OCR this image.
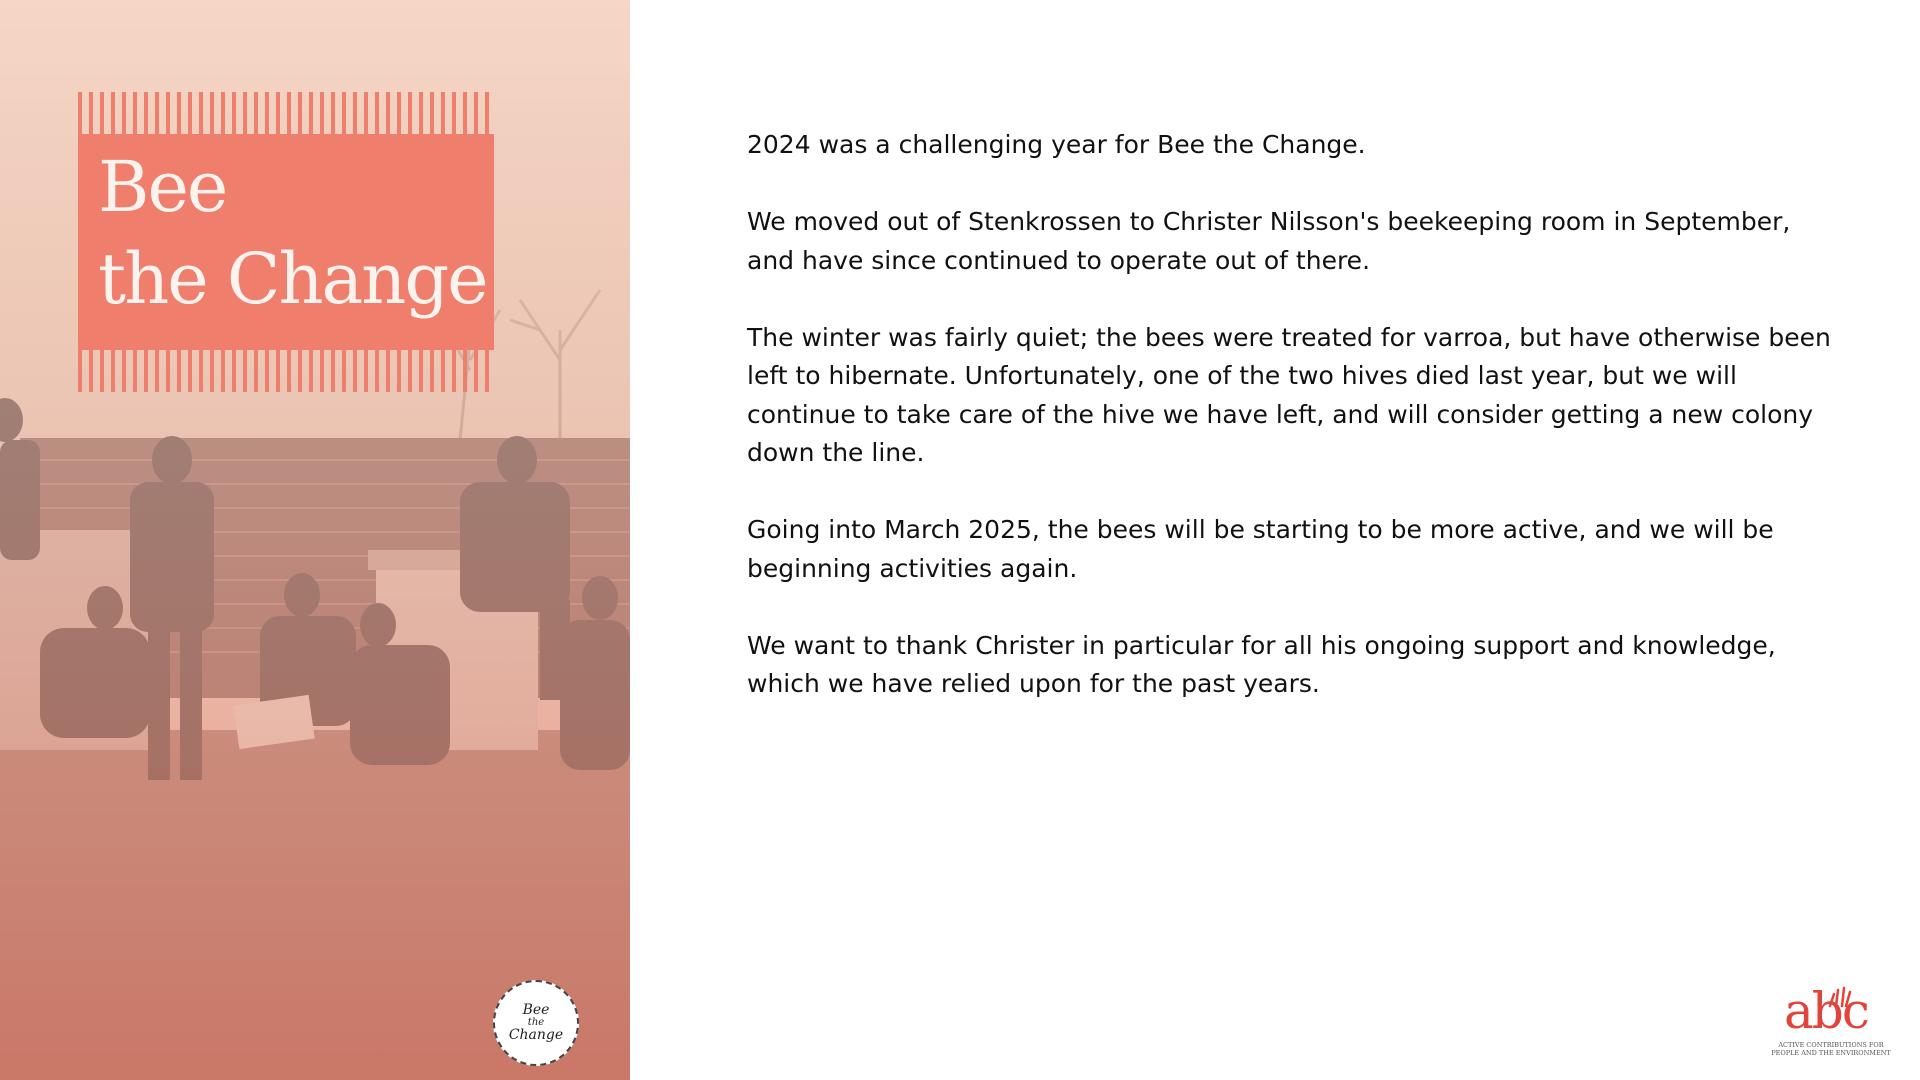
Bee
the Change
Bee
the
Change

2024 was a challenging year for Bee the Change.

We moved out of Stenkrossen to Christer Nilsson's beekeeping room in September, and have since continued to operate out of there.

The winter was fairly quiet; the bees were treated for varroa, but have otherwise been left to hibernate. Unfortunately, one of the two hives died last year, but we will continue to take care of the hive we have left, and will consider getting a new colony down the line.

Going into March 2025, the bees will be starting to be more active, and we will be beginning activities again.

We want to thank Christer in particular for all his ongoing support and knowledge, which we have relied upon for the past years.

abc
ACTIVE CONTRIBUTIONS FOR
PEOPLE AND THE ENVIRONMENT
